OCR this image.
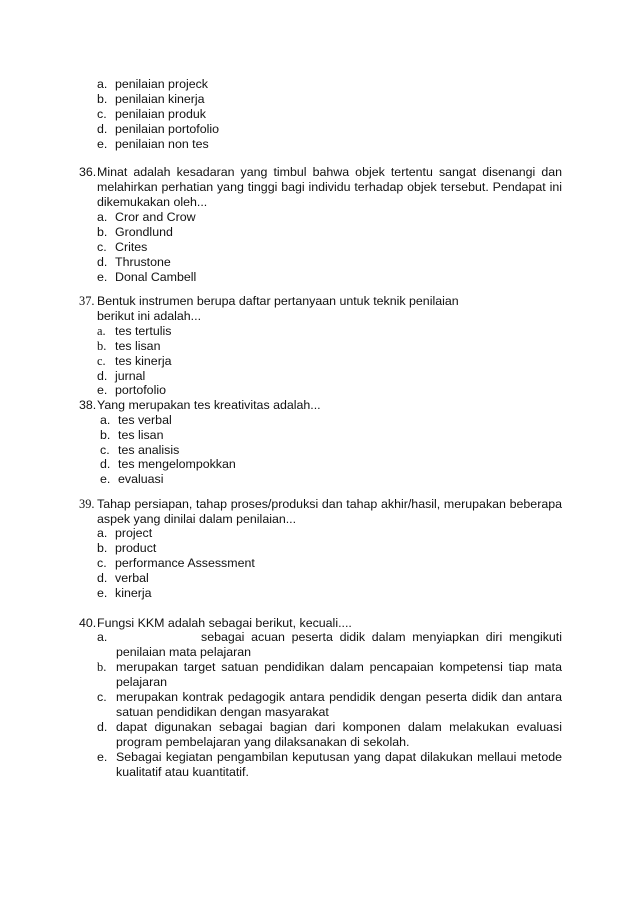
a. penilaian projeck
b. penilaian kinerja
c. penilaian produk
d. penilaian portofolio
e. penilaian non tes
36. Minat adalah kesadaran yang timbul bahwa objek tertentu sangat disenangi dan melahirkan perhatian yang tinggi bagi individu terhadap objek tersebut. Pendapat ini dikemukakan oleh...
a. Cror and Crow
b. Grondlund
c. Crites
d. Thrustone
e. Donal Cambell
37. Bentuk instrumen berupa daftar pertanyaan untuk teknik penilaian berikut ini adalah...
a. tes tertulis
b. tes lisan
c. tes kinerja
d. jurnal
e. portofolio
38. Yang merupakan tes kreativitas adalah...
a. tes verbal
b. tes lisan
c. tes analisis
d. tes mengelompokkan
e. evaluasi
39. Tahap persiapan, tahap proses/produksi dan tahap akhir/hasil, merupakan beberapa aspek yang dinilai dalam penilaian...
a. project
b. product
c. performance Assessment
d. verbal
e. kinerja
40. Fungsi KKM adalah sebagai berikut, kecuali....
a.	sebagai acuan peserta didik dalam menyiapkan diri mengikuti penilaian mata pelajaran
b. merupakan target satuan pendidikan dalam pencapaian kompetensi tiap mata pelajaran
c. merupakan kontrak pedagogik antara pendidik dengan peserta didik dan antara satuan pendidikan dengan masyarakat
d. dapat digunakan sebagai bagian dari komponen dalam melakukan evaluasi program pembelajaran yang dilaksanakan di sekolah.
e. Sebagai kegiatan pengambilan keputusan yang dapat dilakukan mellaui metode kualitatif atau kuantitatif.
